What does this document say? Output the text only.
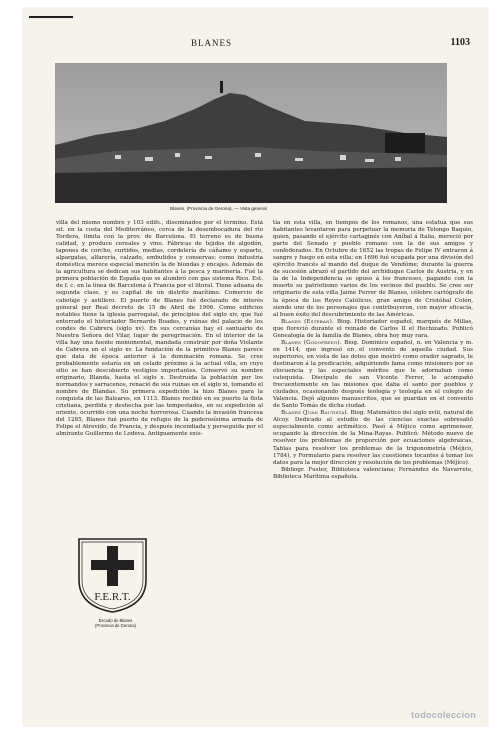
BLANES	1103
Blanes. (Provincia de Gerona). — Vista general

villa del mismo nombre y 103 edifs., diseminados por el término. Está sit. en la costa del Mediterráneo, cerca de la desembocadura del río Tordera, limita con la prov. de Barcelona. El terreno es de buena calidad, y produce cereales y vino. Fábricas de tejidos de algodón, tapones de corcho, curtidos, medias, cordelería de cáñamo y esparto, alpargatas, alfarería, calzado, embutidos y conservas; como industria doméstica merece especial mención la de blondas y encajes. Además de la agricultura se dedican sus habitantes á la pesca y marinería. Fué la primera población de España que se alumbró con gas sistema Rico. Est. de f. c. en la línea de Barcelona á Francia por el litoral. Tiene aduana de segunda clase, y es capital de un distrito marítimo. Comercio de cabotaje y astillero. El puerto de Blanes fué declarado de interés general por Real decreto de 15 de Abril de 1906. Como edificios notables tiene la iglesia parroquial, de principios del siglo xiv, que fué enterrado el historiador Bernardo Boades, y ruinas del palacio de los condes de Cabrera (siglo xv). En sus cercanías hay el santuario de Nuestra Señora del Vilar, lugar de peregrinación. En el interior de la villa hay una fuente monumental, mandada construir por doña Violante de Cabrera en el siglo xv. La fundación de la primitiva Blanes parece que data de época anterior á la dominación romana. Se cree probablemente estaría en un celado próximo á la actual villa, en cuyo sitio se han descubierto vestigios importantes. Conservó su nombre originario, Blanda, hasta el siglo x. Destruída la población por los normandos y sarracenos, renació de sus ruinas en el siglo xi, tomando el nombre de Blandas. Su primera expedición la hizo Blanes para la conquista de las Baleares, en 1113. Blanes recibió en su puerto la flota cristiana, perdida y deshecha por las tempestades, en su expedición al oriente, ocurrido con una noche horrorosa. Cuando la invasión francesa del 1285, Blanes fué puerto de refugio de la poderosísima armada de Felipe el Atrevido, de Francia, y después incendiada y perseguida por el almirante Guillermo de Lodeva. Antiguamente exis-

F.E.R.T.
Escudo de Blanes
(Provincia de Gerona)

tía en esta villa, en tiempos de los romanos, una estatua que sus habitantes levantaron para perpetuar la memoria de Telongo Baquio, quien, pasando el ejército cartaginés con Aníbal á Italia, mereció por parte del Senado y pueblo romano con la de sus amigos y confederados. En Octubre de 1652 las tropas de Felipe IV entraron á sangre y fuego en esta villa; en 1696 fué ocupada por una división del ejército francés al mando del duque de Vendôme; durante la guerra de sucesión abrazó el partido del archiduque Carlos de Austria, y en la de la Independencia se opuso á los franceses, pagando con la muerte su patriotismo varios de los vecinos del pueblo. Se cree ser originario de esta villa Jaime Ferrer de Blanes, célebre cartógrafo de la época de los Reyes Católicos, gran amigo de Cristóbal Colón, siendo uno de los personajes que contribuyeron, con mayor eficacia, al buen éxito del descubrimiento de las Américas.

Blanes (Esteban). Biog. Historiador español, marqués de Millas, que floreció durante el reinado de Carlos II el Hechizado. Publicó Genealogía de la familia de Blanes, obra hoy muy rara.

Blanes (Godofredo). Biog. Dominico español, n. en Valencia y m. en 1414, que ingresó en el convento de aquella ciudad. Sus superiores, en vista de las dotes que mostró como orador sagrado, le destinaron á la predicación, adquiriendo fama como misionero por su elocuencia y las especiales méritos que le adornaban como catequista. Discípulo de san Vicente Ferrer, le acompañó frecuentemente en las misiones que daba el santo por pueblos y ciudades, ocasionando después teología y teología en el colegio de Valencia. Dejó algunos manuscritos, que se guardan en el convento de Santo Tomás de dicha ciudad.

Blanes (Juan Bautista). Biog. Matemático del siglo xviii, natural de Alcoy. Dedicado al estudio de las ciencias exactas sobresalió especialmente como aritmético. Pasó á Méjico como agrimensor, ocupando la dirección de la Mina-Rayas. Publicó: Método nuevo de resolver los problemas de proporción por ecuaciones algebraicas, Tablas para resolver los problemas de la trigonometría (Méjico, 1784), y Formulario para resolver las cuestiones tocantes á tomar los datos para la mejor dirección y resolución de los problemas (Méjico).

Bibliogr. Fuster, Biblioteca valenciana; Fernández de Navarrete, Biblioteca Marítima española.

todocoleccion
